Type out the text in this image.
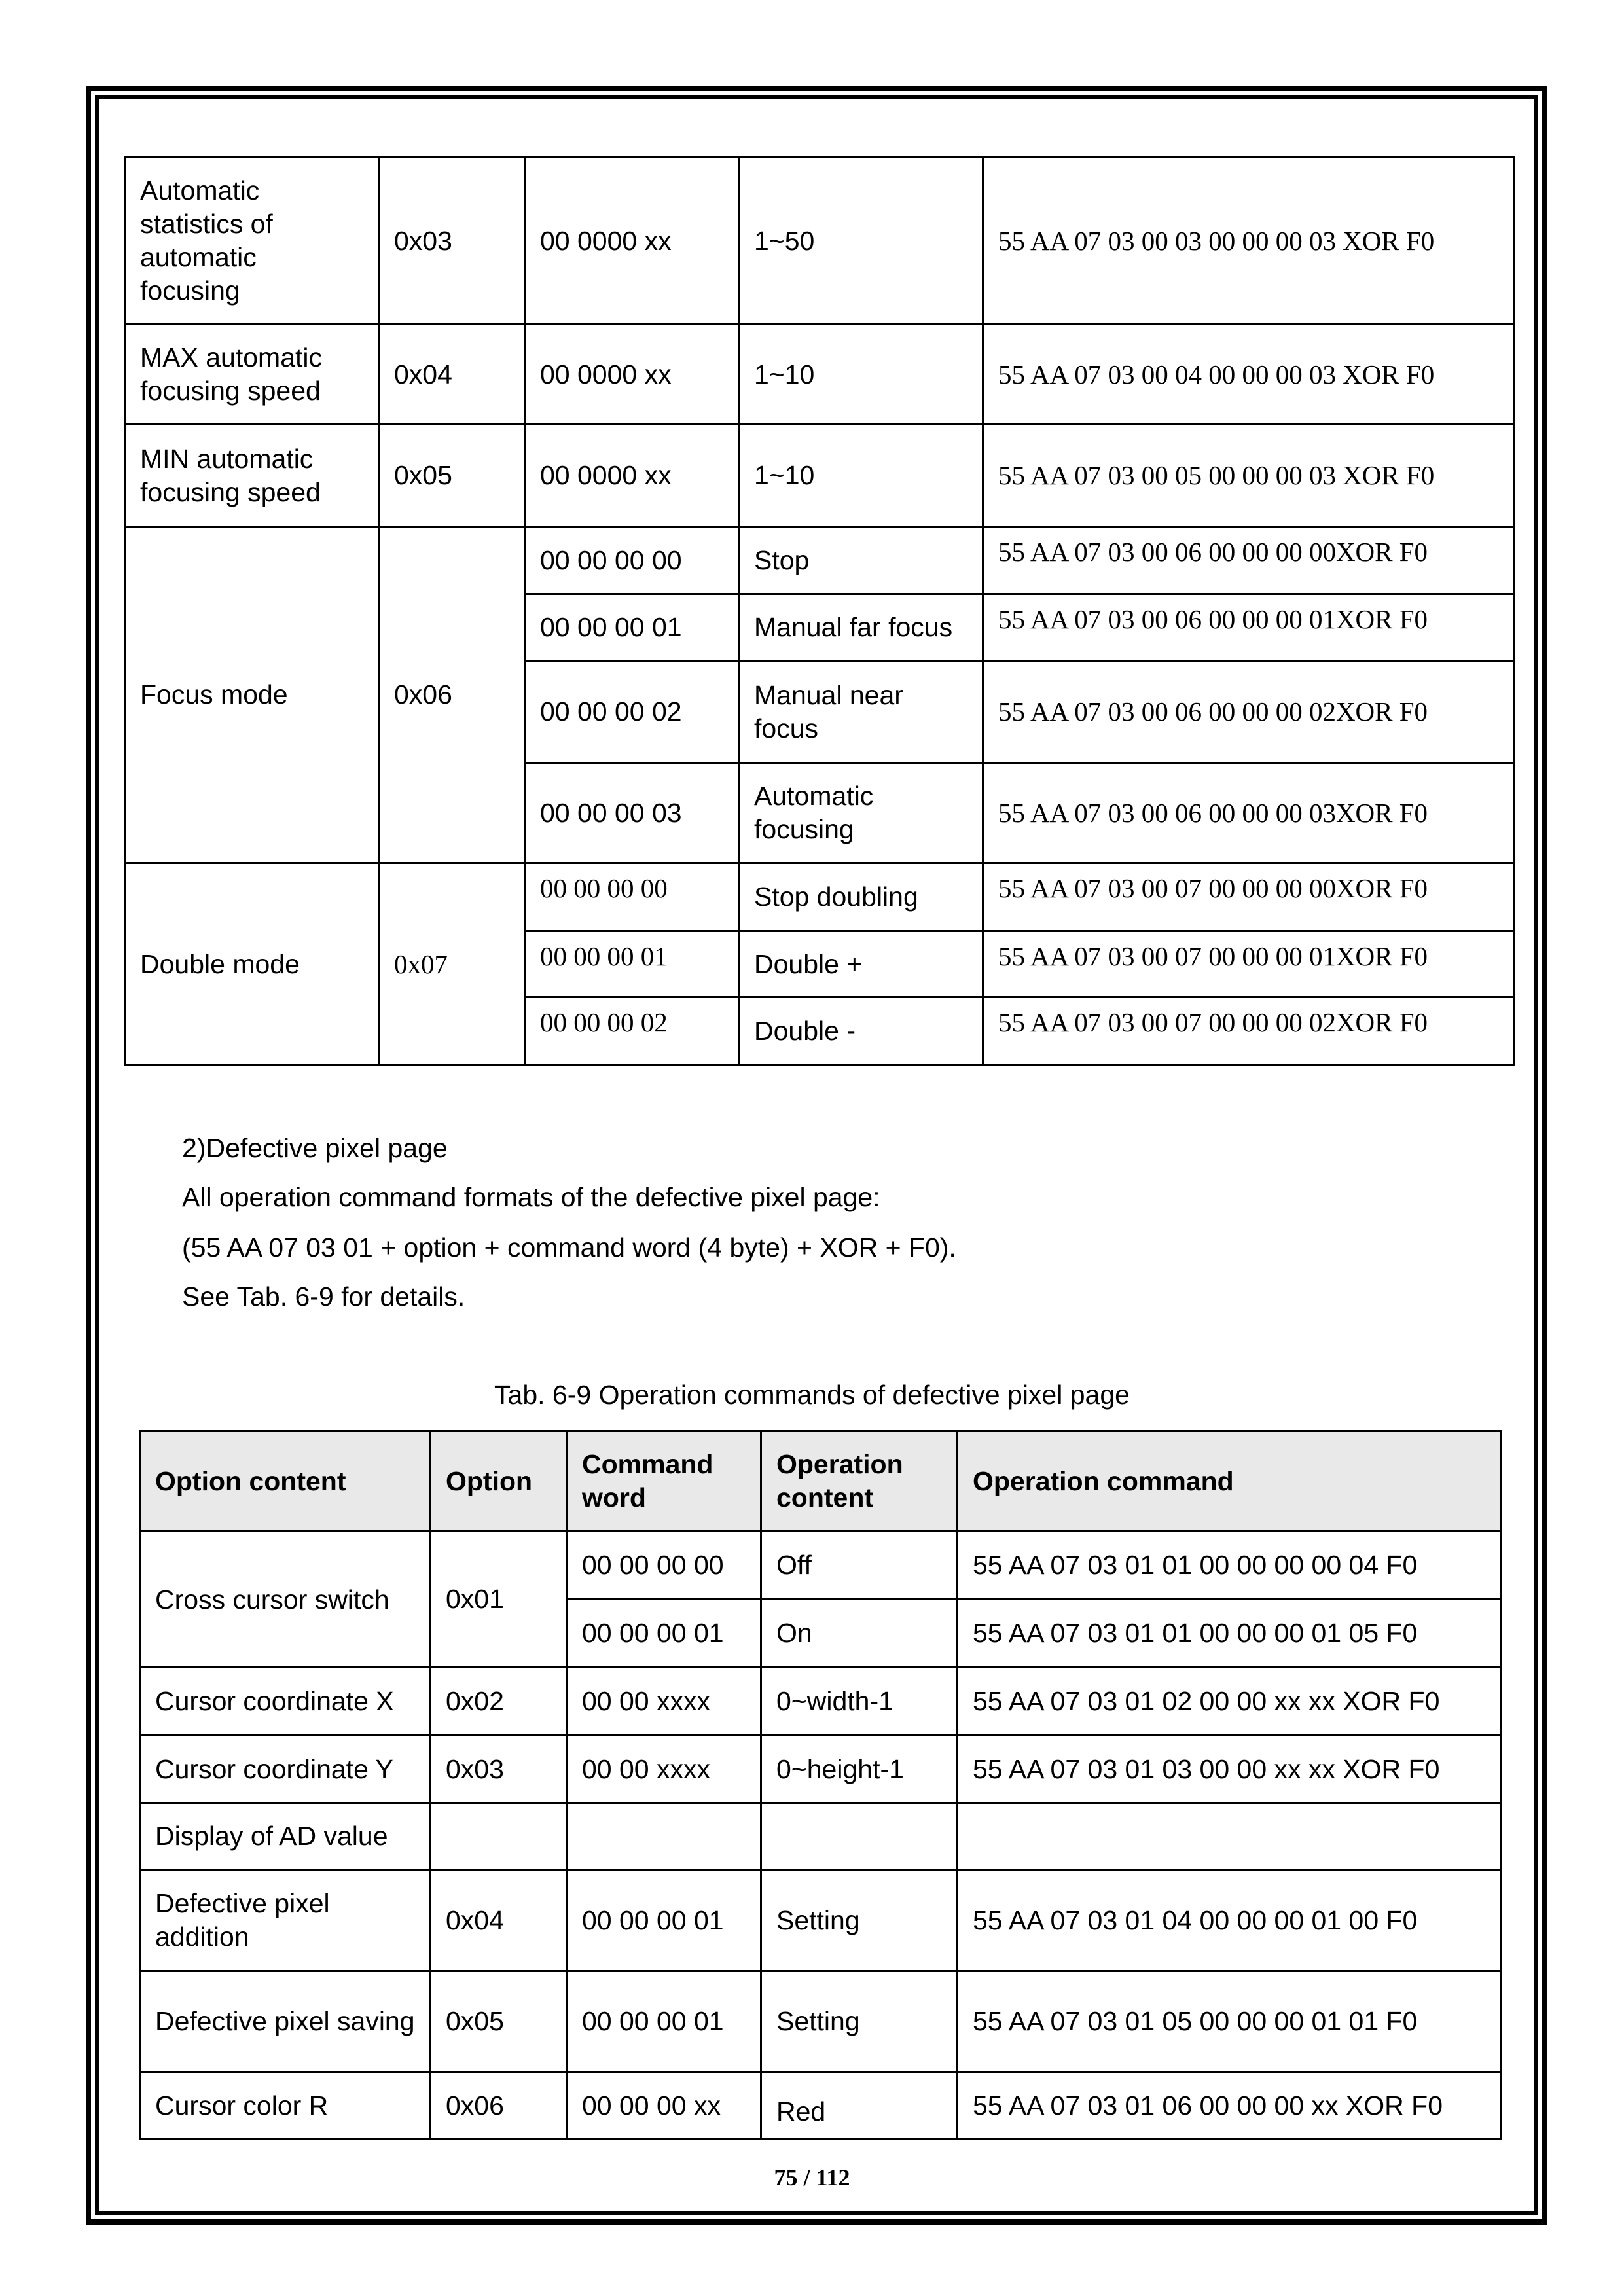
Automatic statistics of automatic focusing	0x03	00 0000 xx	1~50	55 AA 07 03 00 03 00 00 00 03 XOR F0
MAX automatic focusing speed	0x04	00 0000 xx	1~10	55 AA 07 03 00 04 00 00 00 03 XOR F0
MIN automatic focusing speed	0x05	00 0000 xx	1~10	55 AA 07 03 00 05 00 00 00 03 XOR F0
Focus mode	0x06	00 00 00 00	Stop	55 AA 07 03 00 06 00 00 00 00XOR F0
		00 00 00 01	Manual far focus	55 AA 07 03 00 06 00 00 00 01XOR F0
		00 00 00 02	Manual near focus	55 AA 07 03 00 06 00 00 00 02XOR F0
		00 00 00 03	Automatic focusing	55 AA 07 03 00 06 00 00 00 03XOR F0
Double mode	0x07	00 00 00 00	Stop doubling	55 AA 07 03 00 07 00 00 00 00XOR F0
		00 00 00 01	Double +	55 AA 07 03 00 07 00 00 00 01XOR F0
		00 00 00 02	Double -	55 AA 07 03 00 07 00 00 00 02XOR F0
2)Defective pixel page
All operation command formats of the defective pixel page:
(55 AA 07 03 01 + option + command word (4 byte) + XOR + F0).
See Tab. 6-9 for details.
Tab. 6-9 Operation commands of defective pixel page
Option content	Option	Command word	Operation content	Operation command
Cross cursor switch	0x01	00 00 00 00	Off	55 AA 07 03 01 01 00 00 00 00 04 F0
		00 00 00 01	On	55 AA 07 03 01 01 00 00 00 01 05 F0
Cursor coordinate X	0x02	00 00 xxxx	0~width-1	55 AA 07 03 01 02 00 00 xx xx XOR F0
Cursor coordinate Y	0x03	00 00 xxxx	0~height-1	55 AA 07 03 01 03 00 00 xx xx XOR F0
Display of AD value				
Defective pixel addition	0x04	00 00 00 01	Setting	55 AA 07 03 01 04 00 00 00 01 00 F0
Defective pixel saving	0x05	00 00 00 01	Setting	55 AA 07 03 01 05 00 00 00 01 01 F0
Cursor color R	0x06	00 00 00 xx	Red	55 AA 07 03 01 06 00 00 00 xx XOR F0
75 / 112
